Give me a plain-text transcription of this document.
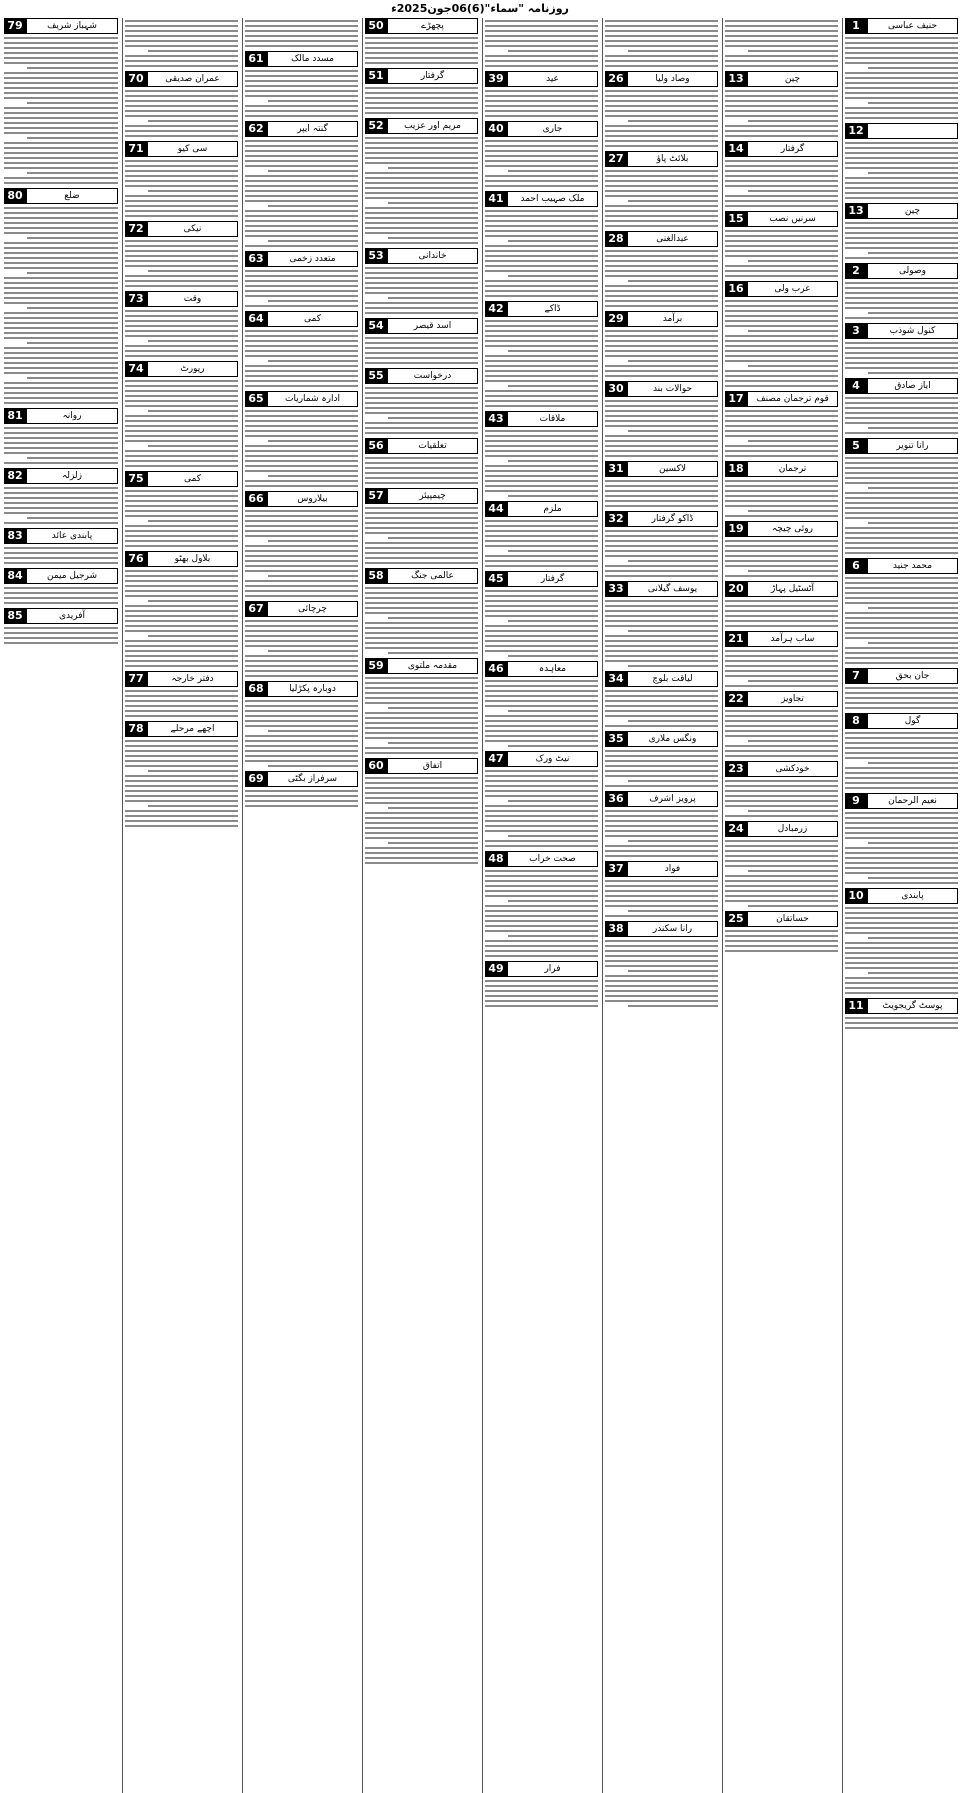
روزنامہ "سماء"(6)06جون2025ء
حنیف عباسی
1
12
چین
13
وصولی
2
کنول شوذب
3
ایاز صادق
4
رانا تنویر
5
محمد جنید
6
جان بحق
7
گول
8
نعیم الرحمان
9
پابندی
10
پوسٹ گریجویٹ
11
چین
13
گرفتار
14
سرنیں نصب
15
عرب ولی
16
قوم ترجمان مصنف
17
ترجمان
18
روئی چیچہ
19
آٹسٹیل پہاڑ
20
ساب ہرآمد
21
تجاویز
22
خودکشی
23
زرمبادل
24
حساتقان
25
وصاد ولیا
26
بلائٹ پاؤ
27
عبدالغنی
28
برآمد
29
حوالات بند
30
لاکسین
31
ڈاکو گرفتار
32
یوسف گیلانی
33
لیاقت بلوچ
34
ونگس ملاری
35
پرویز اشرف
36
فواد
37
رانا سکندر
38
عید
39
جاری
40
ملک صہیب احمد
41
ڈاکے
42
ملاقات
43
ملزم
44
گرفتار
45
معاہدہ
46
نیٹ ورک
47
صحت خراب
48
فرار
49
پچھڑے
50
گرفتار
51
مریم اور عزیب
52
خاندانی
53
اسد قیصر
54
درخواست
55
تعلقیات
56
چیمپیئر
57
عالمی جنگ
58
مقدمہ ملتوی
59
اتفاق
60
مسدد مالک
61
گنتہ ایپر
62
متعدد زخمی
63
کمی
64
ادارہ شماریات
65
بیلاروس
66
چرچائی
67
دوبارہ پکڑلیا
68
سرفراز بگٹی
69
عمران صدیقی
70
سی کیو
71
نیکی
72
وقت
73
رپورٹ
74
کمی
75
بلاول بھٹو
76
دفتر خارجہ
77
اچھے مرحلے
78
شہباز شریف
79
ضلع
80
روانہ
81
زلزلہ
82
پابندی عائد
83
شرجیل میمن
84
آفریدی
85
